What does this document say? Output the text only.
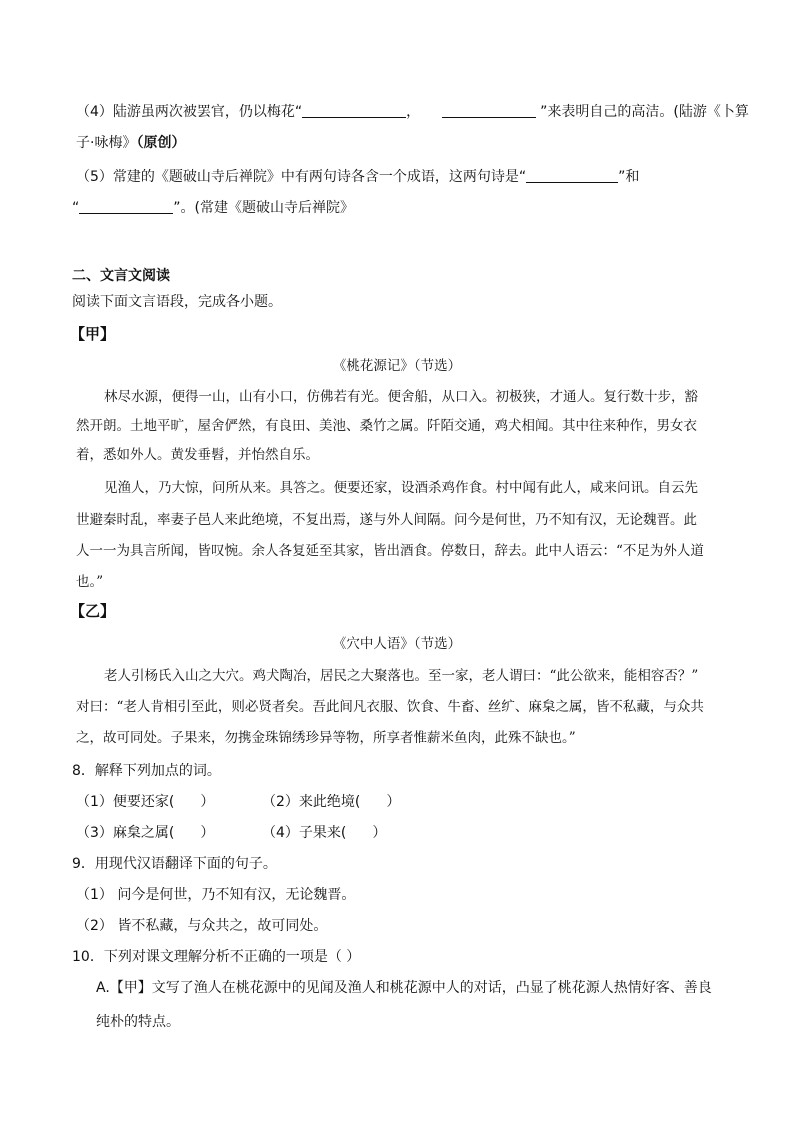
（4）陆游虽两次被罢官，仍以梅花“	，	”来表明自己的高洁。(陆游《卜算
子·咏梅》（原创）
（5）常建的《题破山寺后禅院》中有两句诗各含一个成语，这两句诗是“	”和
“	”。(常建《题破山寺后禅院》
二、文言文阅读
阅读下面文言语段，完成各小题。
【甲】
《桃花源记》（节选）
林尽水源，便得一山，山有小口，仿佛若有光。便舍船，从口入。初极狭，才通人。复行数十步，豁
然开朗。土地平旷，屋舍俨然，有良田、美池、桑竹之属。阡陌交通，鸡犬相闻。其中往来种作，男女衣
着，悉如外人。黄发垂髫，并怡然自乐。
见渔人，乃大惊，问所从来。具答之。便要还家，设酒杀鸡作食。村中闻有此人，咸来问讯。自云先
世避秦时乱，率妻子邑人来此绝境，不复出焉，遂与外人间隔。问今是何世，乃不知有汉，无论魏晋。此
人一一为具言所闻，皆叹惋。余人各复延至其家，皆出酒食。停数日，辞去。此中人语云：“不足为外人道
也。”
【乙】
《穴中人语》（节选）
老人引杨氏入山之大穴。鸡犬陶冶，居民之大聚落也。至一家，老人谓曰：“此公欲来，能相容否？”
对曰：“老人肯相引至此，则必贤者矣。吾此间凡衣服、饮食、牛畜、丝纩、麻枲之属，皆不私藏，与众共
之，故可同处。子果来，勿携金珠锦绣珍异等物，所享者惟薪米鱼肉，此殊不缺也。”
8．解释下列加点的词。
（1）便要还家( ）	（2）来此绝境( ）
（3）麻枲之属( ）	（4）子果来( ）
9．用现代汉语翻译下面的句子。
（1） 问今是何世，乃不知有汉，无论魏晋。
（2） 皆不私藏，与众共之，故可同处。
10．下列对课文理解分析不正确的一项是（ ）
A.【甲】文写了渔人在桃花源中的见闻及渔人和桃花源中人的对话，凸显了桃花源人热情好客、善良
纯朴的特点。
